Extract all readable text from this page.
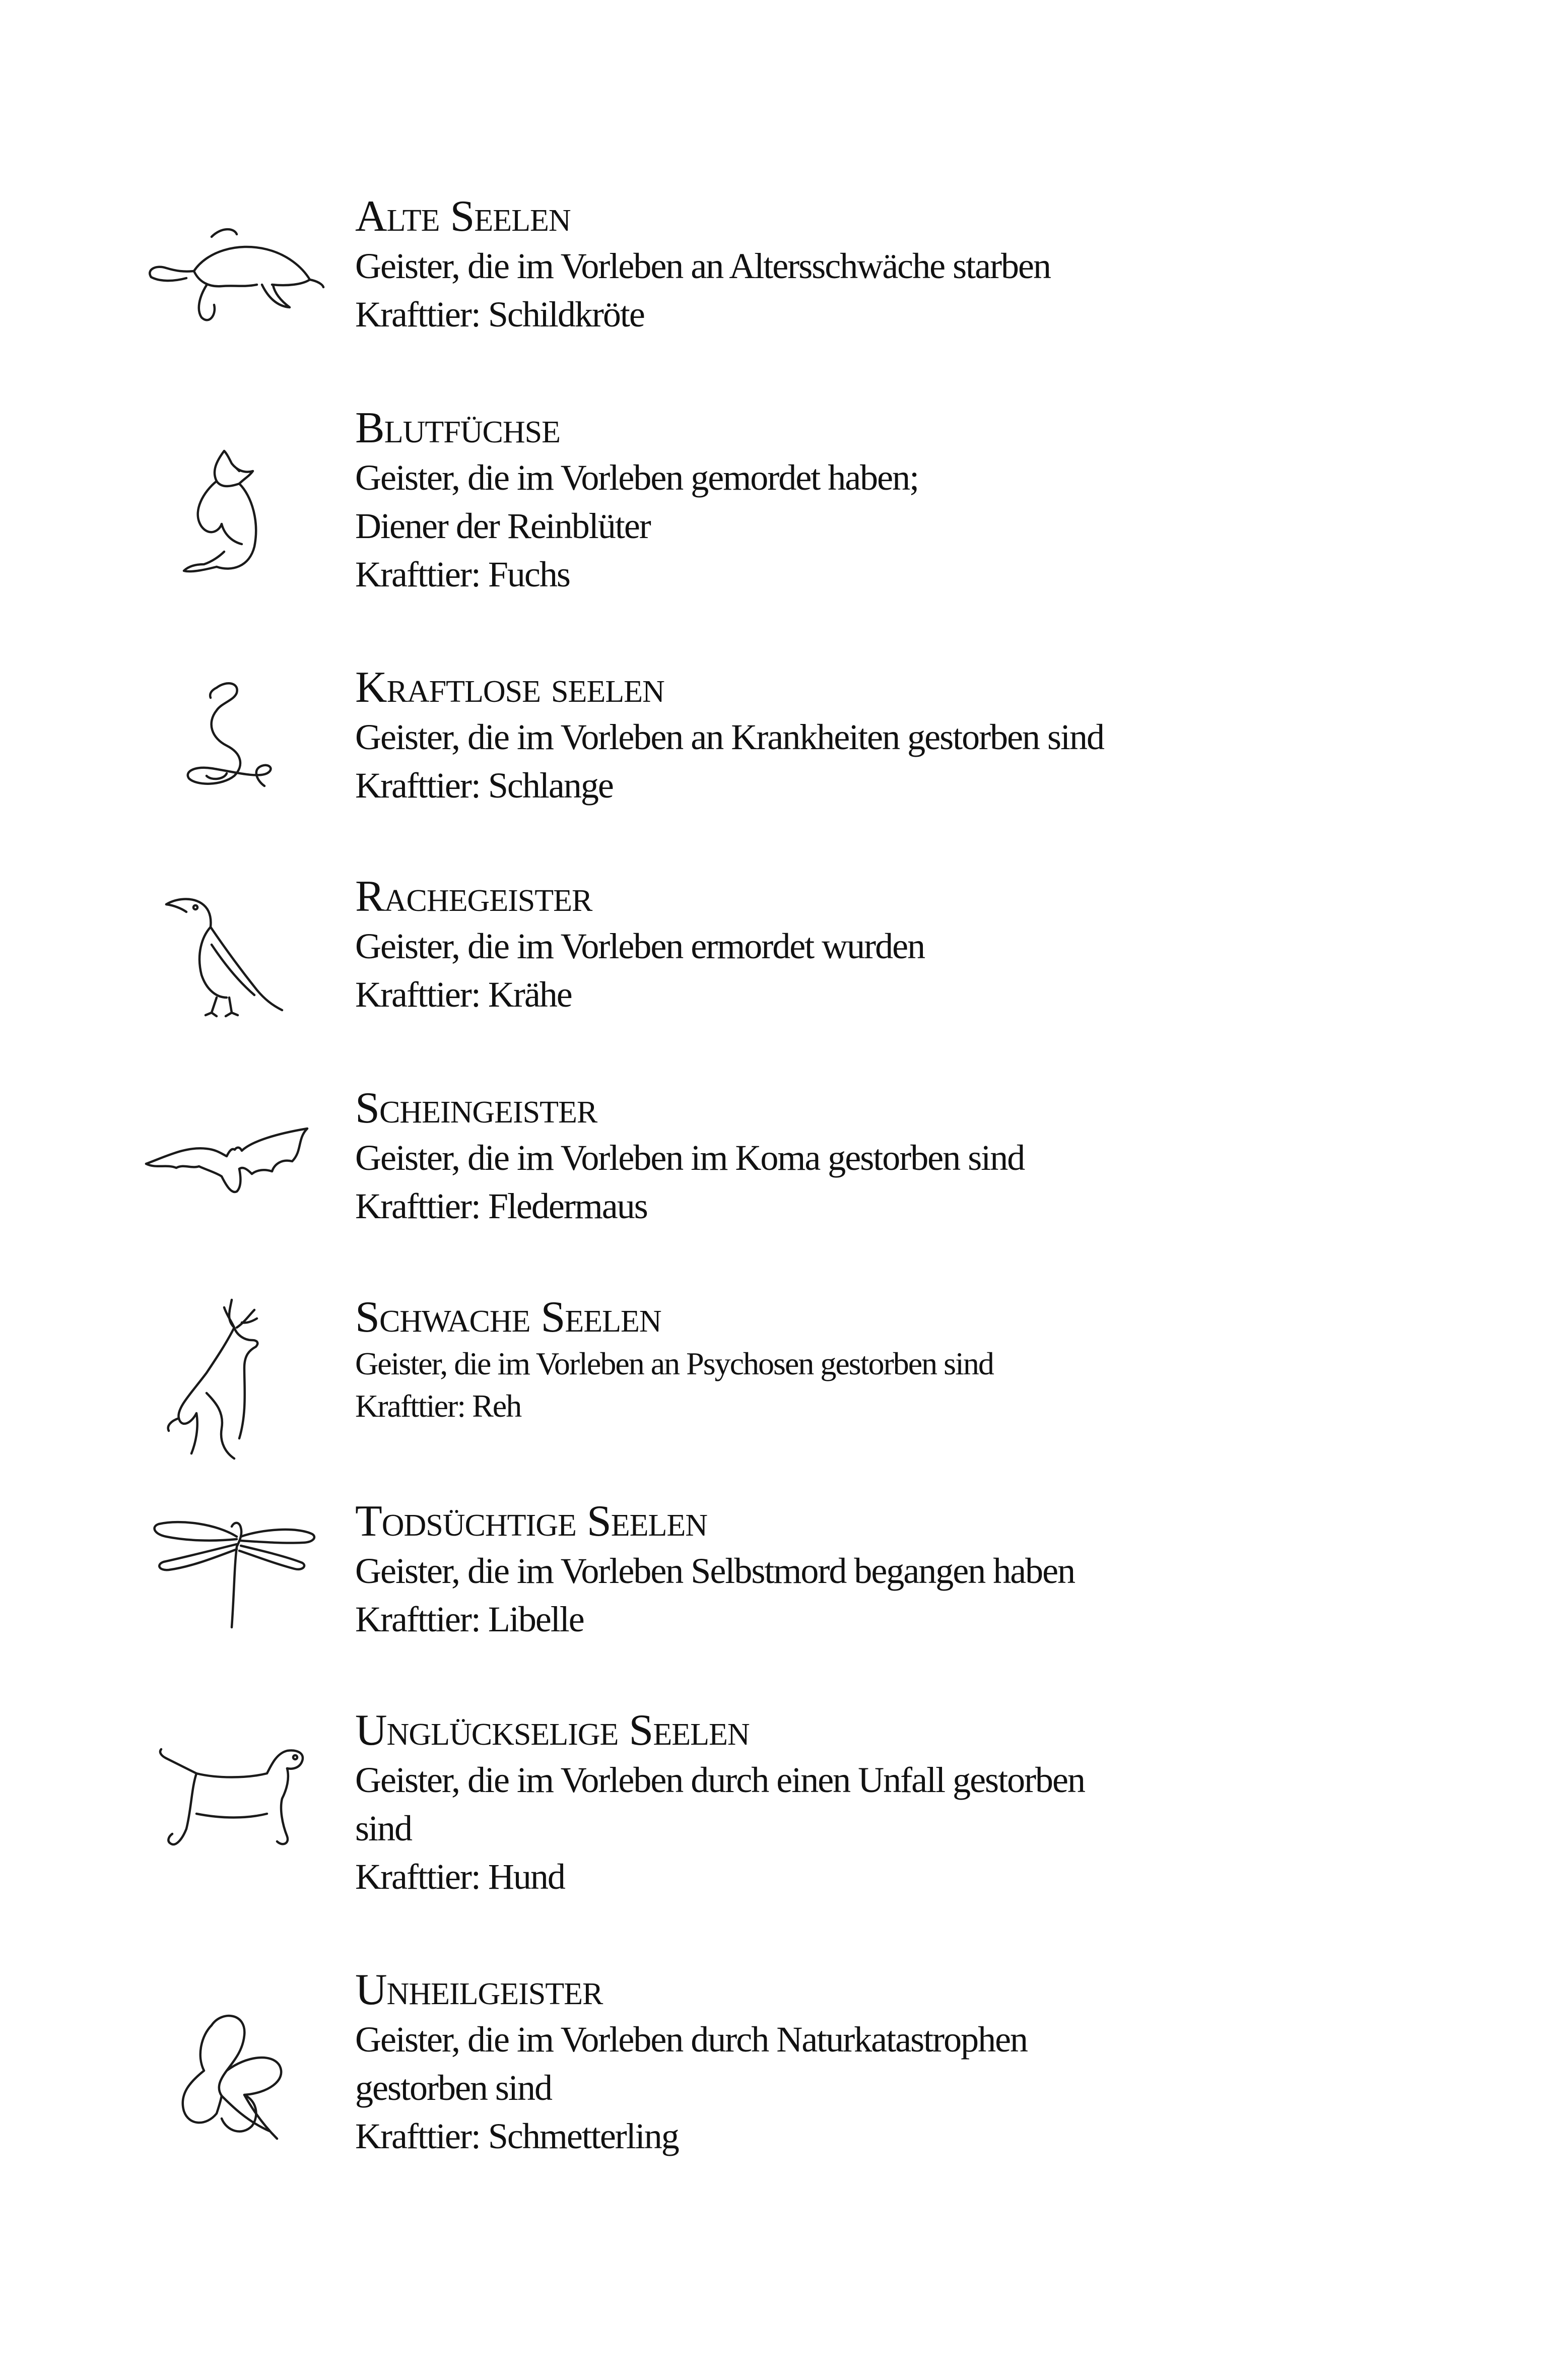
Alte Seelen

Geister, die im Vorleben an Altersschwäche starben

Krafttier: Schildkröte

Blutfüchse

Geister, die im Vorleben gemordet haben;

Diener der Reinblüter

Krafttier: Fuchs

Kraftlose seelen

Geister, die im Vorleben an Krankheiten gestorben sind

Krafttier: Schlange

Rachegeister

Geister, die im Vorleben ermordet wurden

Krafttier: Krähe

Scheingeister

Geister, die im Vorleben im Koma gestorben sind

Krafttier: Fledermaus

Schwache Seelen

Geister, die im Vorleben an Psychosen gestorben sind

Krafttier: Reh

Todsüchtige Seelen

Geister, die im Vorleben Selbstmord begangen haben

Krafttier: Libelle

Unglückselige Seelen

Geister, die im Vorleben durch einen Unfall gestorben

sind

Krafttier: Hund

Unheilgeister

Geister, die im Vorleben durch Naturkatastrophen

gestorben sind

Krafttier: Schmetterling
